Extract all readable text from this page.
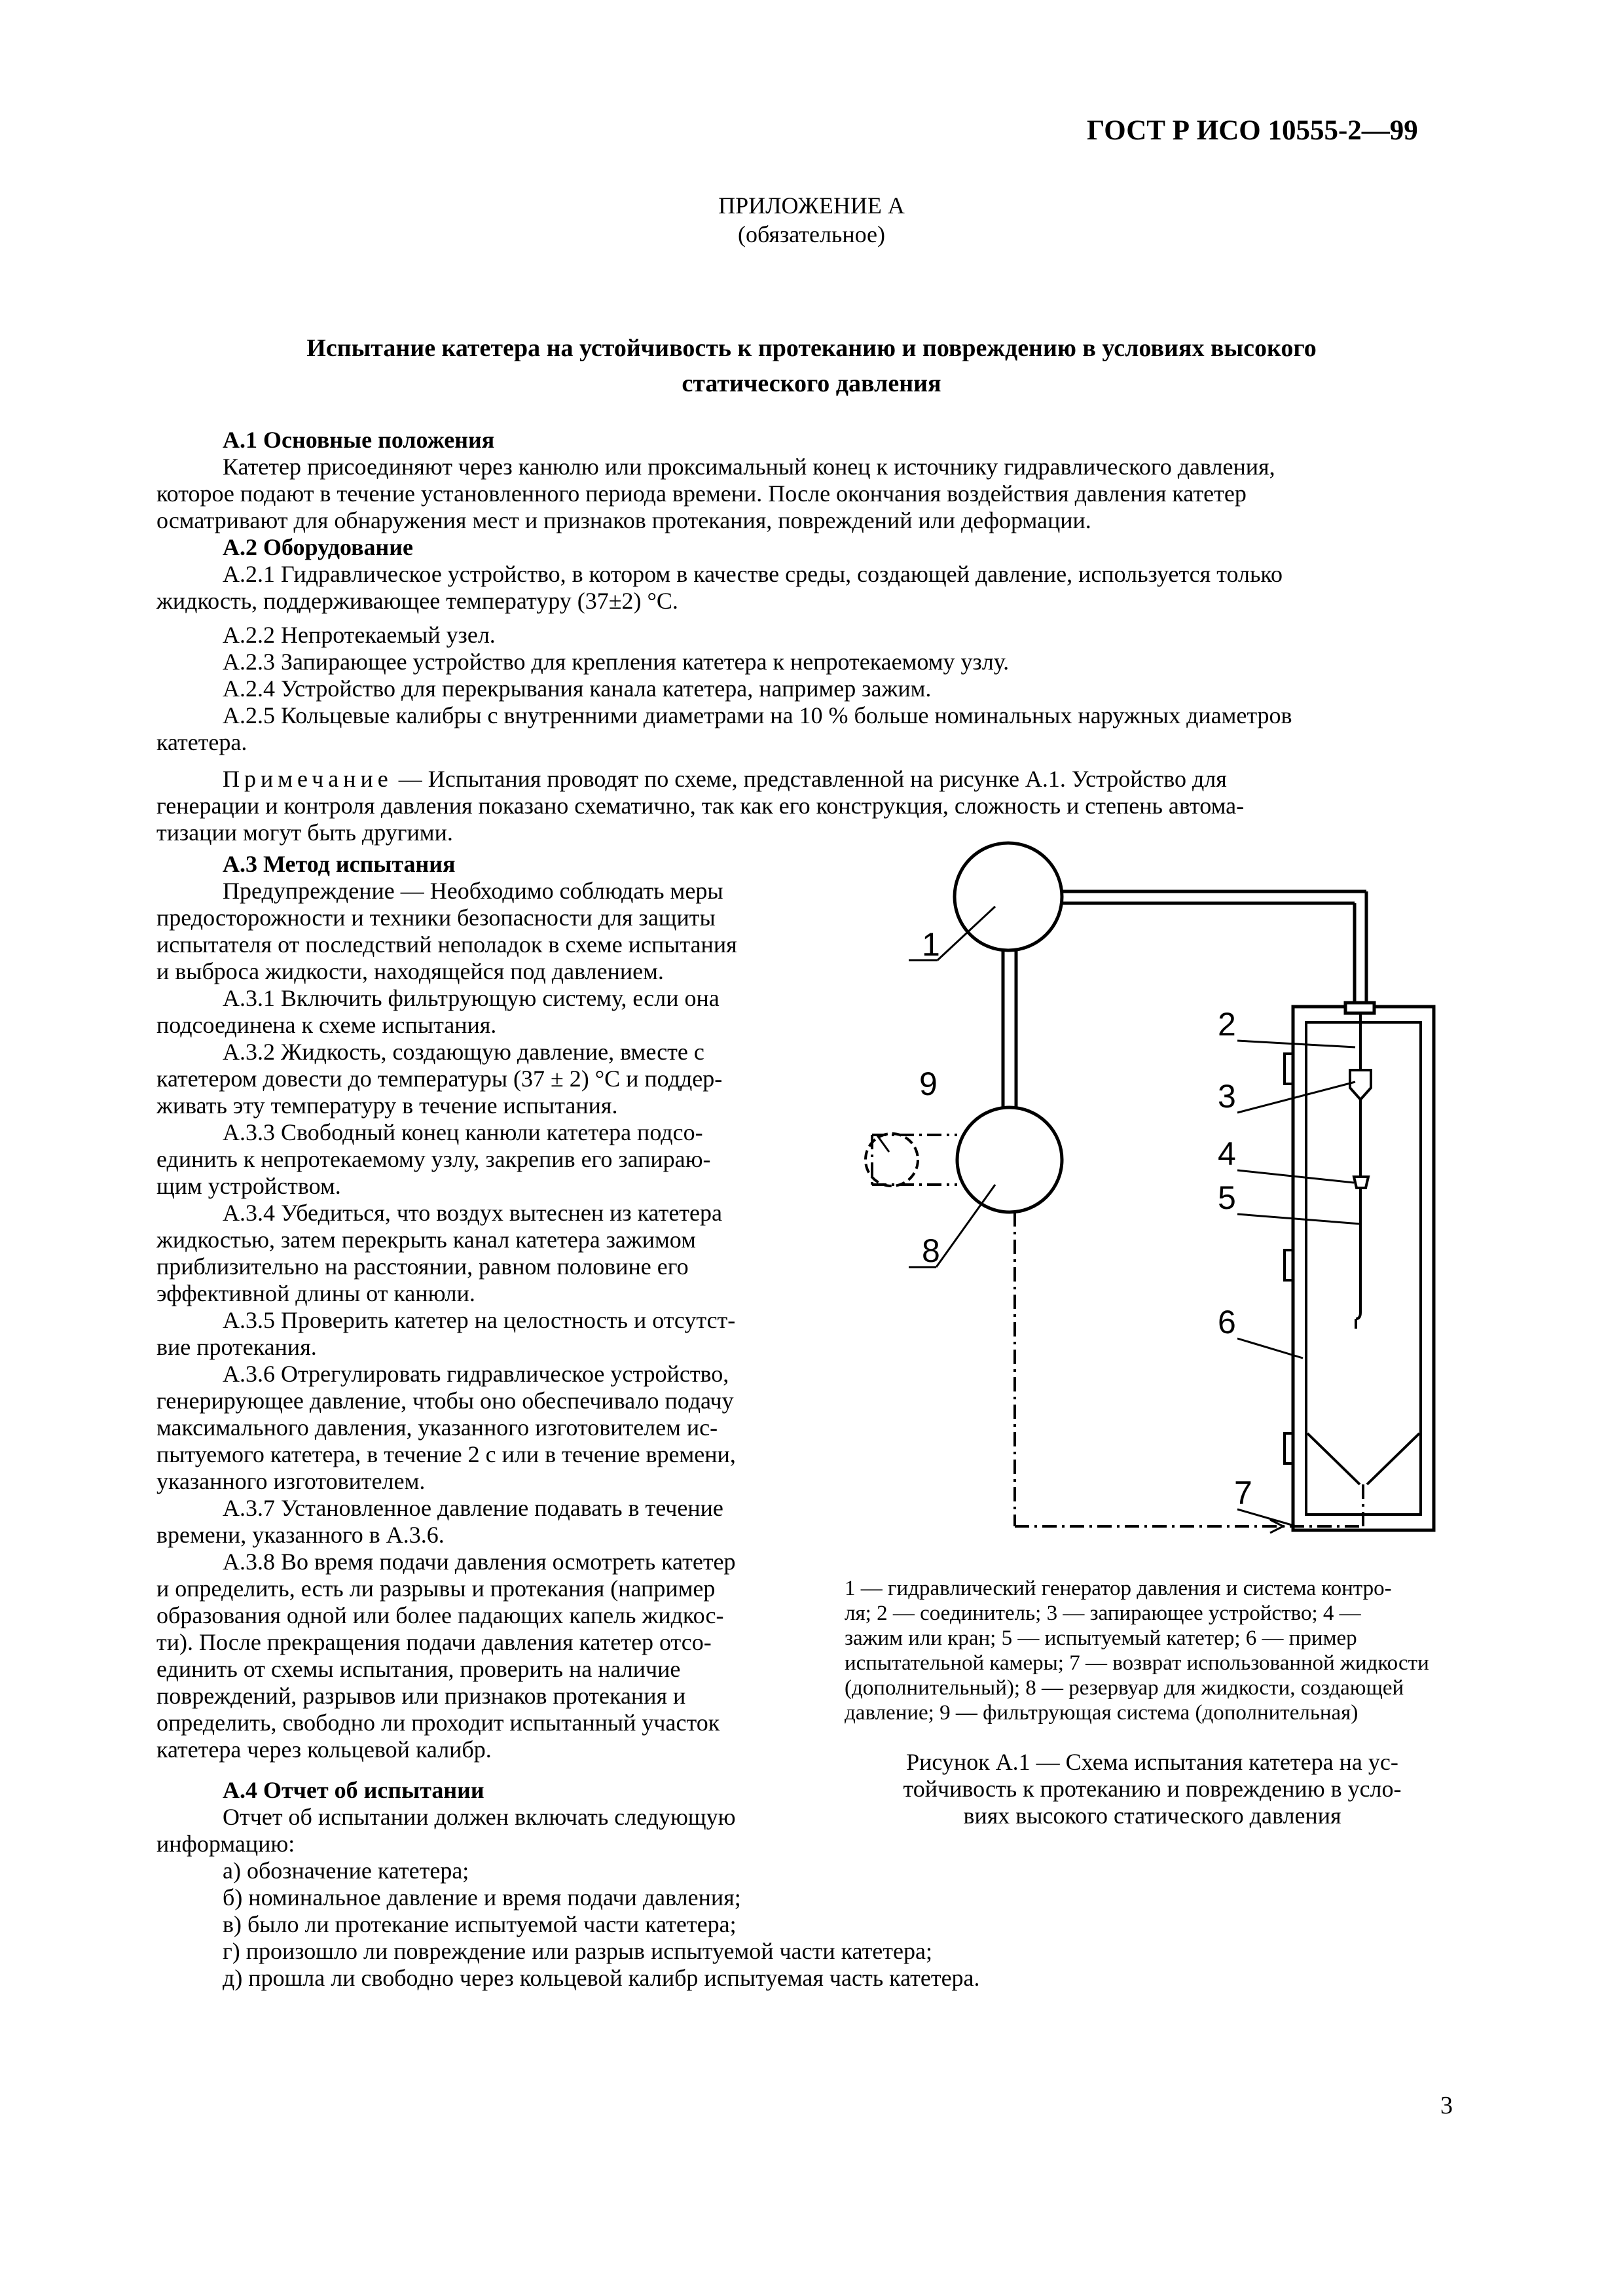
ГОСТ Р ИСО 10555-2—99
ПРИЛОЖЕНИЕ А
(обязательное)
Испытание катетера на устойчивость к протеканию и повреждению в условиях высокого
статического давления
А.1 Основные положения
Катетер присоединяют через канюлю или проксимальный конец к источнику гидравлического давления,
которое подают в течение установленного периода времени. После окончания воздействия давления катетер
осматривают для обнаружения мест и признаков протекания, повреждений или деформации.
А.2 Оборудование
А.2.1 Гидравлическое устройство, в котором в качестве среды, создающей давление, используется только
жидкость, поддерживающее температуру (37±2) °С.
А.2.2 Непротекаемый узел.
А.2.3 Запирающее устройство для крепления катетера к непротекаемому узлу.
А.2.4 Устройство для перекрывания канала катетера, например зажим.
А.2.5 Кольцевые калибры с внутренними диаметрами на 10 % больше номинальных наружных диаметров
катетера.
Примечание — Испытания проводят по схеме, представленной на рисунке А.1. Устройство для
генерации и контроля давления показано схематично, так как его конструкция, сложность и степень автома-
тизации могут быть другими.
А.3 Метод испытания
Предупреждение — Необходимо соблюдать меры
предосторожности и техники безопасности для защиты
испытателя от последствий неполадок в схеме испытания
и выброса жидкости, находящейся под давлением.
А.3.1 Включить фильтрующую систему, если она
подсоединена к схеме испытания.
А.3.2 Жидкость, создающую давление, вместе с
катетером довести до температуры (37 ± 2) °С и поддер-
живать эту температуру в течение испытания.
А.3.3 Свободный конец канюли катетера подсо-
единить к непротекаемому узлу, закрепив его запираю-
щим устройством.
А.3.4 Убедиться, что воздух вытеснен из катетера
жидкостью, затем перекрыть канал катетера зажимом
приблизительно на расстоянии, равном половине его
эффективной длины от канюли.
А.3.5 Проверить катетер на целостность и отсутст-
вие протекания.
А.3.6 Отрегулировать гидравлическое устройство,
генерирующее давление, чтобы оно обеспечивало подачу
максимального давления, указанного изготовителем ис-
пытуемого катетера, в течение 2 с или в течение времени,
указанного изготовителем.
А.3.7 Установленное давление подавать в течение
времени, указанного в А.3.6.
А.3.8 Во время подачи давления осмотреть катетер
и определить, есть ли разрывы и протекания (например
образования одной или более падающих капель жидкос-
ти). После прекращения подачи давления катетер отсо-
единить от схемы испытания, проверить на наличие
повреждений, разрывов или признаков протекания и
определить, свободно ли проходит испытанный участок
катетера через кольцевой калибр.
А.4 Отчет об испытании
Отчет об испытании должен включать следующую
информацию:
а) обозначение катетера;
б) номинальное давление и время подачи давления;
в) было ли протекание испытуемой части катетера;
г) произошло ли повреждение или разрыв испытуемой части катетера;
д) прошла ли свободно через кольцевой калибр испытуемая часть катетера.
1
2
3
4
5
6
7
8
9
1 — гидравлический генератор давления и система контро-
ля; 2 — соединитель; 3 — запирающее устройство; 4 —
зажим или кран; 5 — испытуемый катетер; 6 — пример
испытательной камеры; 7 — возврат использованной жидкости
(дополнительный); 8 — резервуар для жидкости, создающей
давление; 9 — фильтрующая система (дополнительная)
Рисунок А.1 — Схема испытания катетера на ус-
тойчивость к протеканию и повреждению в усло-
виях высокого статического давления
3
